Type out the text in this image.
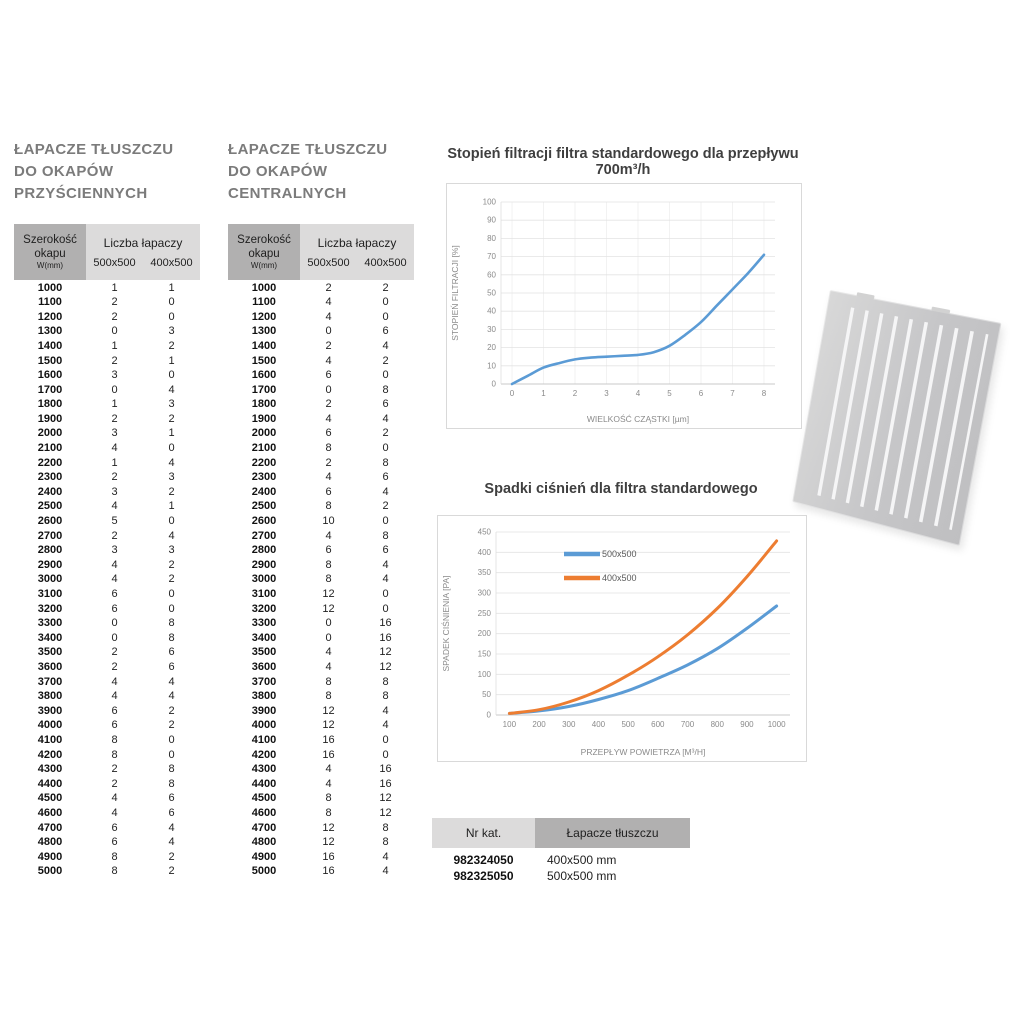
ŁAPACZE TŁUSZCZU
DO OKAPÓW
PRZYŚCIENNYCH
Szerokość
okapu
W(mm)
Liczba łapaczy
500x500	400x500
1000	1	1
1100	2	0
1200	2	0
1300	0	3
1400	1	2
1500	2	1
1600	3	0
1700	0	4
1800	1	3
1900	2	2
2000	3	1
2100	4	0
2200	1	4
2300	2	3
2400	3	2
2500	4	1
2600	5	0
2700	2	4
2800	3	3
2900	4	2
3000	4	2
3100	6	0
3200	6	0
3300	0	8
3400	0	8
3500	2	6
3600	2	6
3700	4	4
3800	4	4
3900	6	2
4000	6	2
4100	8	0
4200	8	0
4300	2	8
4400	2	8
4500	4	6
4600	4	6
4700	6	4
4800	6	4
4900	8	2
5000	8	2
ŁAPACZE TŁUSZCZU
DO OKAPÓW
CENTRALNYCH
Szerokość
okapu
W(mm)
Liczba łapaczy
500x500	400x500
1000	2	2
1100	4	0
1200	4	0
1300	0	6
1400	2	4
1500	4	2
1600	6	0
1700	0	8
1800	2	6
1900	4	4
2000	6	2
2100	8	0
2200	2	8
2300	4	6
2400	6	4
2500	8	2
2600	10	0
2700	4	8
2800	6	6
2900	8	4
3000	8	4
3100	12	0
3200	12	0
3300	0	16
3400	0	16
3500	4	12
3600	4	12
3700	8	8
3800	8	8
3900	12	4
4000	12	4
4100	16	0
4200	16	0
4300	4	16
4400	4	16
4500	8	12
4600	8	12
4700	12	8
4800	12	8
4900	16	4
5000	16	4
Stopień filtracji filtra standardowego dla przepływu 700m³/h
0
10
20
30
40
50
60
70
80
90
100
0	1	2	3	4	5	6	7	8
WIELKOŚĆ CZĄSTKI [µm]
STOPIEŃ FILTRACJI [%]
Spadki ciśnień dla filtra standardowego
0
50
100
150
200
250
300
350
400
450
100 200 300 400 500 600 700 800 900 1000
PRZEPŁYW POWIETRZA [M³/H]
SPADEK CIŚNIENIA [PA]
500x500
400x500
Nr kat.	Łapacze tłuszczu
982324050	400x500 mm
982325050	500x500 mm
